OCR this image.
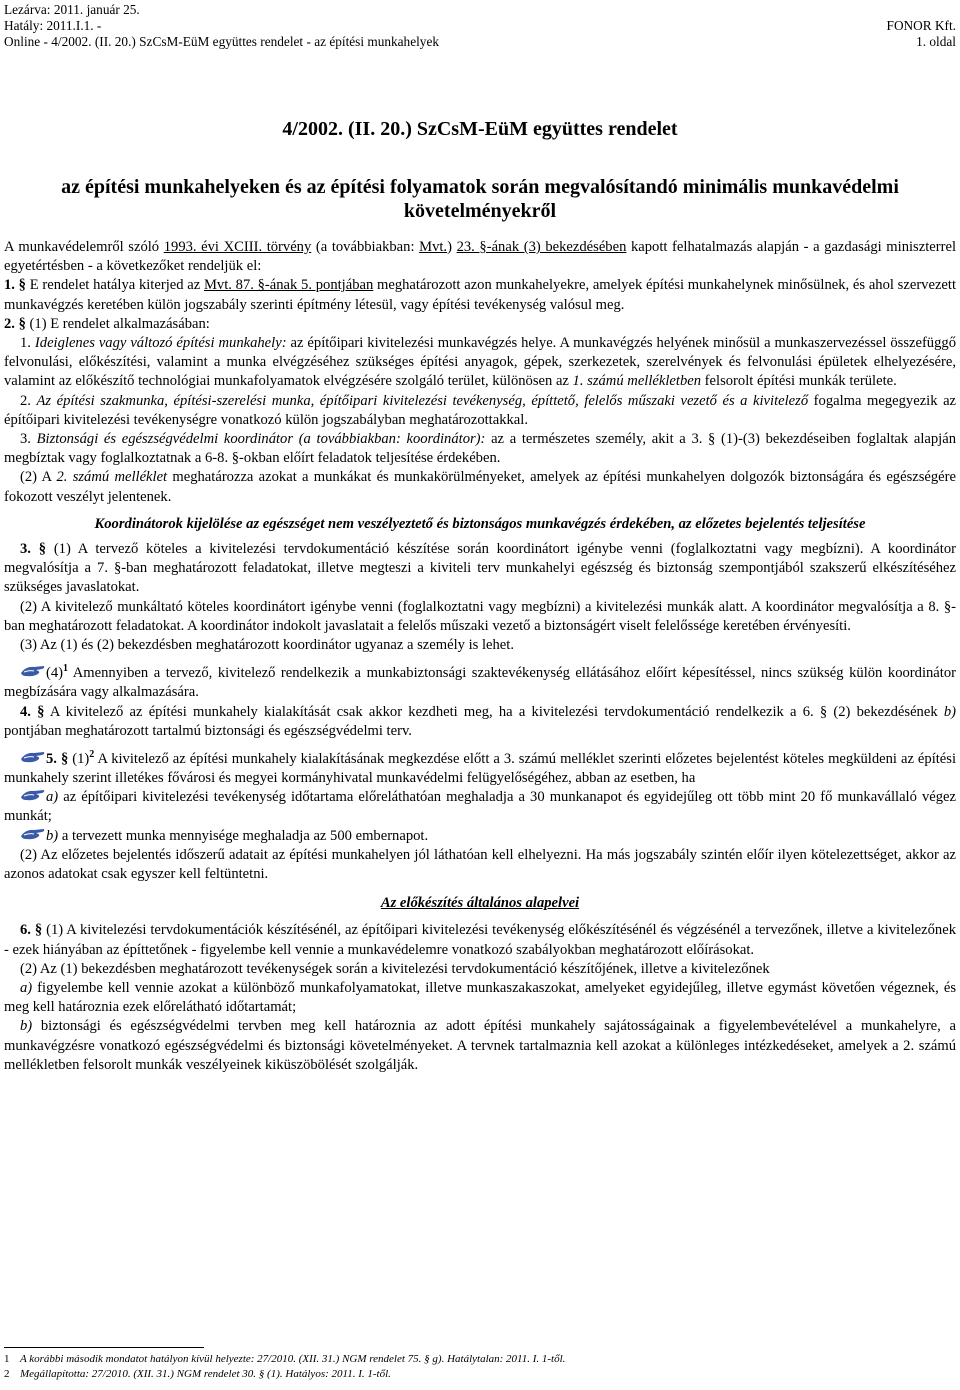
Lezárva: 2011. január 25.
Hatály: 2011.I.1. -
Online - 4/2002. (II. 20.) SzCsM-EüM együttes rendelet - az építési munkahelyek
FONOR Kft.
1. oldal
4/2002. (II. 20.) SzCsM-EüM együttes rendelet
az építési munkahelyeken és az építési folyamatok során megvalósítandó minimális munkavédelmi követelményekről

A munkavédelemről szóló 1993. évi XCIII. törvény (a továbbiakban: Mvt.) 23. §-ának (3) bekezdésében kapott felhatalmazás alapján - a gazdasági miniszterrel egyetértésben - a következőket rendeljük el:

1. § E rendelet hatálya kiterjed az Mvt. 87. §-ának 5. pontjában meghatározott azon munkahelyekre, amelyek építési munkahelynek minősülnek, és ahol szervezett munkavégzés keretében külön jogszabály szerinti építmény létesül, vagy építési tevékenység valósul meg.

2. § (1) E rendelet alkalmazásában:

1. Ideiglenes vagy változó építési munkahely: az építőipari kivitelezési munkavégzés helye. A munkavégzés helyének minősül a munkaszervezéssel összefüggő felvonulási, előkészítési, valamint a munka elvégzéséhez szükséges építési anyagok, gépek, szerkezetek, szerelvények és felvonulási épületek elhelyezésére, valamint az előkészítő technológiai munkafolyamatok elvégzésére szolgáló terület, különösen az 1. számú mellékletben felsorolt építési munkák területe.

2. Az építési szakmunka, építési-szerelési munka, építőipari kivitelezési tevékenység, építtető, felelős műszaki vezető és a kivitelező fogalma megegyezik az építőipari kivitelezési tevékenységre vonatkozó külön jogszabályban meghatározottakkal.

3. Biztonsági és egészségvédelmi koordinátor (a továbbiakban: koordinátor): az a természetes személy, akit a 3. § (1)-(3) bekezdéseiben foglaltak alapján megbíztak vagy foglalkoztatnak a 6-8. §-okban előírt feladatok teljesítése érdekében.

(2) A 2. számú melléklet meghatározza azokat a munkákat és munkakörülményeket, amelyek az építési munkahelyen dolgozók biztonságára és egészségére fokozott veszélyt jelentenek.

Koordinátorok kijelölése az egészséget nem veszélyeztető és biztonságos munkavégzés érdekében, az előzetes bejelentés teljesítése

3. § (1) A tervező köteles a kivitelezési tervdokumentáció készítése során koordinátort igénybe venni (foglalkoztatni vagy megbízni). A koordinátor megvalósítja a 7. §-ban meghatározott feladatokat, illetve megteszi a kiviteli terv munkahelyi egészség és biztonság szempontjából szakszerű elkészítéséhez szükséges javaslatokat.

(2) A kivitelező munkáltató köteles koordinátort igénybe venni (foglalkoztatni vagy megbízni) a kivitelezési munkák alatt. A koordinátor megvalósítja a 8. §-ban meghatározott feladatokat. A koordinátor indokolt javaslatait a felelős műszaki vezető a biztonságért viselt felelőssége keretében érvényesíti.

(3) Az (1) és (2) bekezdésben meghatározott koordinátor ugyanaz a személy is lehet.

$(4)^1$ Amennyiben a tervező, kivitelező rendelkezik a munkabiztonsági szaktevékenység ellátásához előírt képesítéssel, nincs szükség külön koordinátor megbízására vagy alkalmazására.

4. § A kivitelező az építési munkahely kialakítását csak akkor kezdheti meg, ha a kivitelezési tervdokumentáció rendelkezik a 6. § (2) bekezdésének b) pontjában meghatározott tartalmú biztonsági és egészségvédelmi terv.

5. § $(1)^2$ A kivitelező az építési munkahely kialakításának megkezdése előtt a 3. számú melléklet szerinti előzetes bejelentést köteles megküldeni az építési munkahely szerint illetékes fővárosi és megyei kormányhivatal munkavédelmi felügyelőségéhez, abban az esetben, ha

a) az építőipari kivitelezési tevékenység időtartama előreláthatóan meghaladja a 30 munkanapot és egyidejűleg ott több mint 20 fő munkavállaló végez munkát;

b) a tervezett munka mennyisége meghaladja az 500 embernapot.

(2) Az előzetes bejelentés időszerű adatait az építési munkahelyen jól láthatóan kell elhelyezni. Ha más jogszabály szintén előír ilyen kötelezettséget, akkor az azonos adatokat csak egyszer kell feltüntetni.

Az előkészítés általános alapelvei

6. § (1) A kivitelezési tervdokumentációk készítésénél, az építőipari kivitelezési tevékenység előkészítésénél és végzésénél a tervezőnek, illetve a kivitelezőnek - ezek hiányában az építtetőnek - figyelembe kell vennie a munkavédelemre vonatkozó szabályokban meghatározott előírásokat.

(2) Az (1) bekezdésben meghatározott tevékenységek során a kivitelezési tervdokumentáció készítőjének, illetve a kivitelezőnek

a) figyelembe kell vennie azokat a különböző munkafolyamatokat, illetve munkaszakaszokat, amelyeket egyidejűleg, illetve egymást követően végeznek, és meg kell határoznia ezek előrelátható időtartamát;

b) biztonsági és egészségvédelmi tervben meg kell határoznia az adott építési munkahely sajátosságainak a figyelembevételével a munkahelyre, a munkavégzésre vonatkozó egészségvédelmi és biztonsági követelményeket. A tervnek tartalmaznia kell azokat a különleges intézkedéseket, amelyek a 2. számú mellékletben felsorolt munkák veszélyeinek kiküszöbölését szolgálják.

1 A korábbi második mondatot hatályon kívül helyezte: 27/2010. (XII. 31.) NGM rendelet 75. § g). Hatálytalan: 2011. I. 1-től.
2 Megállapította: 27/2010. (XII. 31.) NGM rendelet 30. § (1). Hatályos: 2011. I. 1-től.
